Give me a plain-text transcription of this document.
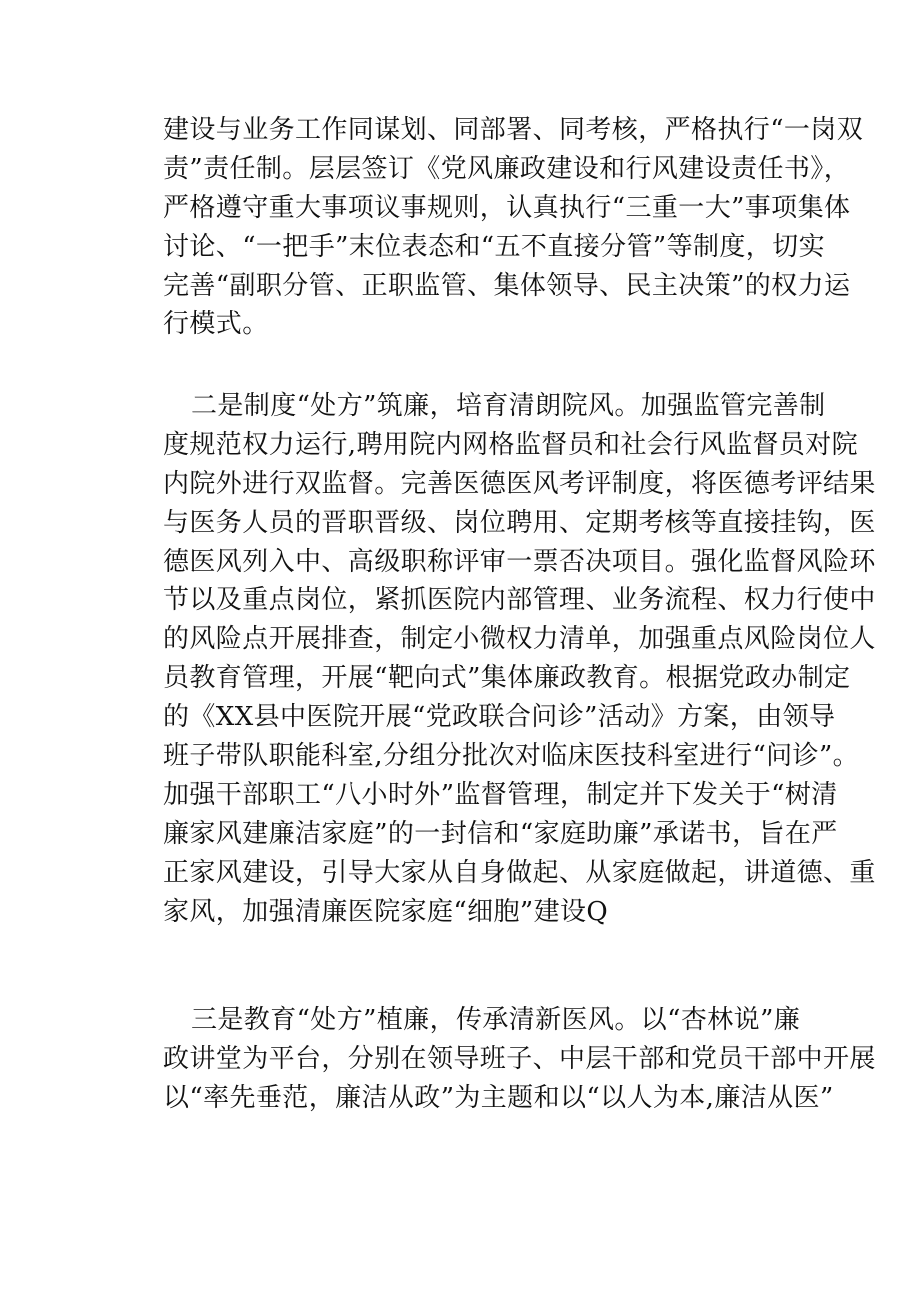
建设与业务工作同谋划、同部署、同考核，严格执行“一岗双
责”责任制。层层签订《党风廉政建设和行风建设责任书》，
严格遵守重大事项议事规则，认真执行“三重一大”事项集体
讨论、“一把手”末位表态和“五不直接分管”等制度，切实
完善“副职分管、正职监管、集体领导、民主决策”的权力运
行模式。
二是制度“处方”筑廉，培育清朗院风。加强监管完善制
度规范权力运行,聘用院内网格监督员和社会行风监督员对院
内院外进行双监督。完善医德医风考评制度，将医德考评结果
与医务人员的晋职晋级、岗位聘用、定期考核等直接挂钩，医
德医风列入中、高级职称评审一票否决项目。强化监督风险环
节以及重点岗位，紧抓医院内部管理、业务流程、权力行使中
的风险点开展排查，制定小微权力清单，加强重点风险岗位人
员教育管理，开展“靶向式”集体廉政教育。根据党政办制定
的《XX县中医院开展“党政联合问诊”活动》方案，由领导
班子带队职能科室,分组分批次对临床医技科室进行“问诊”。
加强干部职工“八小时外”监督管理，制定并下发关于“树清
廉家风建廉洁家庭”的一封信和“家庭助廉”承诺书，旨在严
正家风建设，引导大家从自身做起、从家庭做起，讲道德、重
家风，加强清廉医院家庭“细胞”建设Q
三是教育“处方”植廉，传承清新医风。以“杏林说”廉
政讲堂为平台，分别在领导班子、中层干部和党员干部中开展
以“率先垂范，廉洁从政”为主题和以“以人为本,廉洁从医”
